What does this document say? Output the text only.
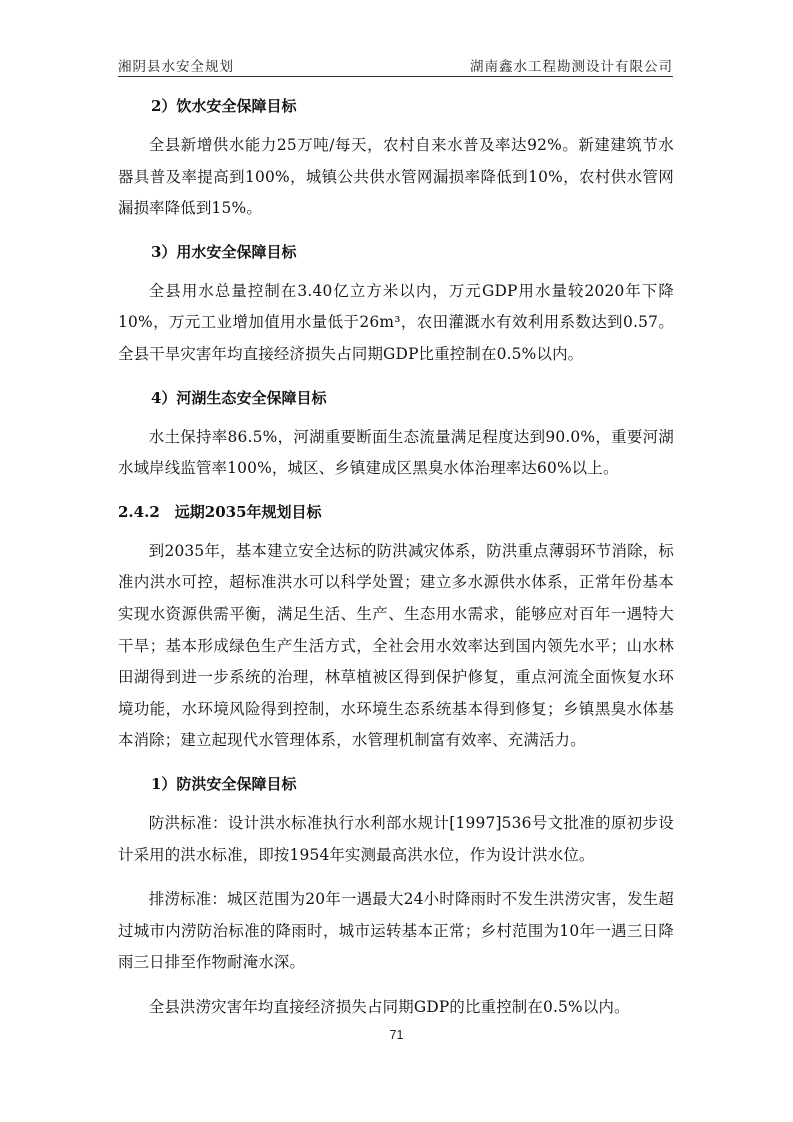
湘阴县水安全规划	湖南鑫水工程勘测设计有限公司
2）饮水安全保障目标

全县新增供水能力25万吨/每天，农村自来水普及率达92%。新建建筑节水器具普及率提高到100%，城镇公共供水管网漏损率降低到10%，农村供水管网漏损率降低到15%。

3）用水安全保障目标

全县用水总量控制在3.40亿立方米以内，万元GDP用水量较2020年下降10%，万元工业增加值用水量低于26m³，农田灌溉水有效利用系数达到0.57。全县干旱灾害年均直接经济损失占同期GDP比重控制在0.5%以内。

4）河湖生态安全保障目标

水土保持率86.5%，河湖重要断面生态流量满足程度达到90.0%，重要河湖水域岸线监管率100%，城区、乡镇建成区黑臭水体治理率达60%以上。

2.4.2　远期2035年规划目标

到2035年，基本建立安全达标的防洪减灾体系，防洪重点薄弱环节消除，标准内洪水可控，超标准洪水可以科学处置；建立多水源供水体系，正常年份基本实现水资源供需平衡，满足生活、生产、生态用水需求，能够应对百年一遇特大干旱；基本形成绿色生产生活方式，全社会用水效率达到国内领先水平；山水林田湖得到进一步系统的治理，林草植被区得到保护修复，重点河流全面恢复水环境功能，水环境风险得到控制，水环境生态系统基本得到修复；乡镇黑臭水体基本消除；建立起现代水管理体系，水管理机制富有效率、充满活力。

1）防洪安全保障目标

防洪标准：设计洪水标准执行水利部水规计[1997]536号文批准的原初步设计采用的洪水标准，即按1954年实测最高洪水位，作为设计洪水位。

排涝标准：城区范围为20年一遇最大24小时降雨时不发生洪涝灾害，发生超过城市内涝防治标准的降雨时，城市运转基本正常；乡村范围为10年一遇三日降雨三日排至作物耐淹水深。

全县洪涝灾害年均直接经济损失占同期GDP的比重控制在0.5%以内。

71
